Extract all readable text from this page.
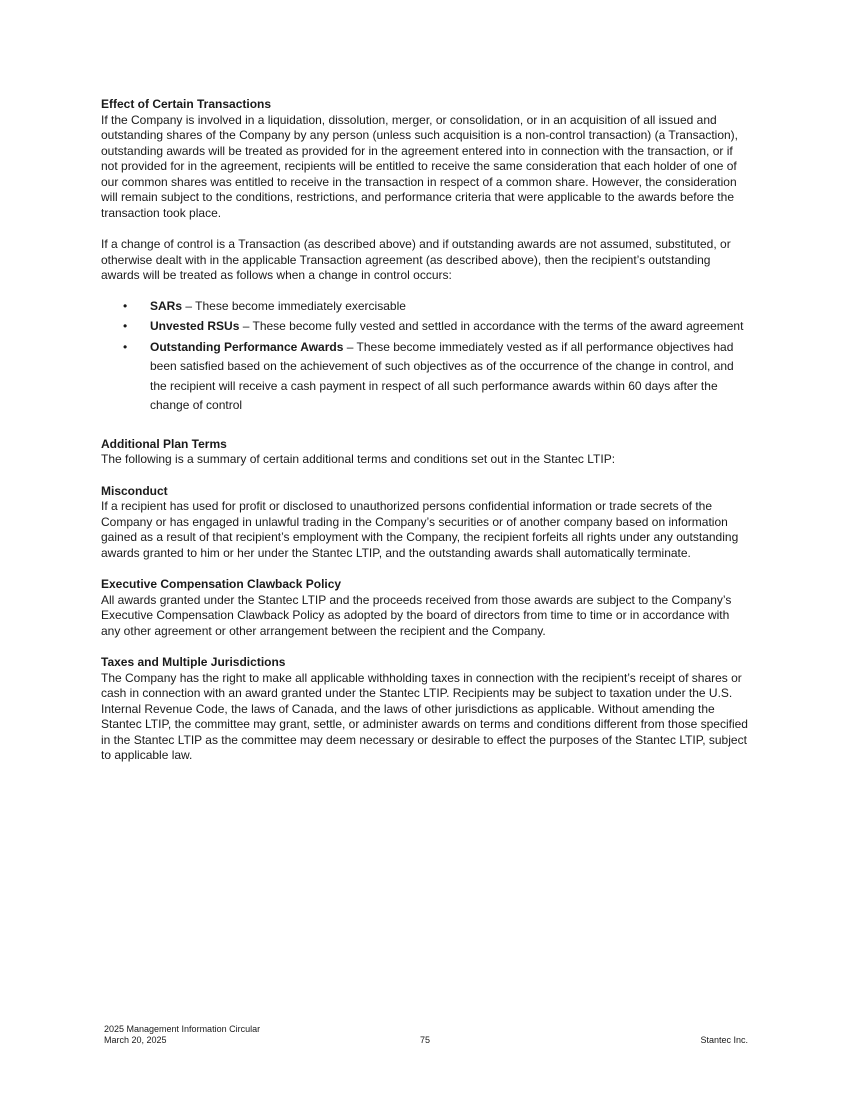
Effect of Certain Transactions

If the Company is involved in a liquidation, dissolution, merger, or consolidation, or in an acquisition of all issued and outstanding shares of the Company by any person (unless such acquisition is a non-control transaction) (a Transaction), outstanding awards will be treated as provided for in the agreement entered into in connection with the transaction, or if not provided for in the agreement, recipients will be entitled to receive the same consideration that each holder of one of our common shares was entitled to receive in the transaction in respect of a common share. However, the consideration will remain subject to the conditions, restrictions, and performance criteria that were applicable to the awards before the transaction took place.

If a change of control is a Transaction (as described above) and if outstanding awards are not assumed, substituted, or otherwise dealt with in the applicable Transaction agreement (as described above), then the recipient’s outstanding awards will be treated as follows when a change in control occurs:

• SARs – These become immediately exercisable
• Unvested RSUs – These become fully vested and settled in accordance with the terms of the award agreement
• Outstanding Performance Awards – These become immediately vested as if all performance objectives had been satisfied based on the achievement of such objectives as of the occurrence of the change in control, and the recipient will receive a cash payment in respect of all such performance awards within 60 days after the change of control

Additional Plan Terms

The following is a summary of certain additional terms and conditions set out in the Stantec LTIP:

Misconduct

If a recipient has used for profit or disclosed to unauthorized persons confidential information or trade secrets of the Company or has engaged in unlawful trading in the Company’s securities or of another company based on information gained as a result of that recipient’s employment with the Company, the recipient forfeits all rights under any outstanding awards granted to him or her under the Stantec LTIP, and the outstanding awards shall automatically terminate.

Executive Compensation Clawback Policy

All awards granted under the Stantec LTIP and the proceeds received from those awards are subject to the Company’s Executive Compensation Clawback Policy as adopted by the board of directors from time to time or in accordance with any other agreement or other arrangement between the recipient and the Company.

Taxes and Multiple Jurisdictions

The Company has the right to make all applicable withholding taxes in connection with the recipient’s receipt of shares or cash in connection with an award granted under the Stantec LTIP. Recipients may be subject to taxation under the U.S. Internal Revenue Code, the laws of Canada, and the laws of other jurisdictions as applicable. Without amending the Stantec LTIP, the committee may grant, settle, or administer awards on terms and conditions different from those specified in the Stantec LTIP as the committee may deem necessary or desirable to effect the purposes of the Stantec LTIP, subject to applicable law.

2025 Management Information Circular
March 20, 2025	75	Stantec Inc.
